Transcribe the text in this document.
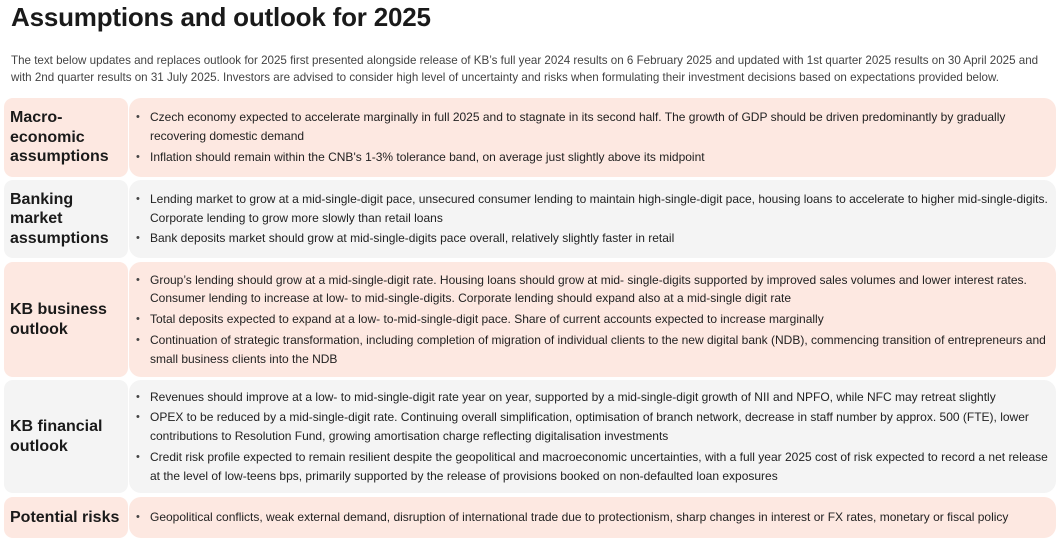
Assumptions and outlook for 2025
The text below updates and replaces outlook for 2025 first presented alongside release of KB’s full year 2024 results on 6 February 2025 and updated with 1st quarter 2025 results on 30 April 2025 and with 2nd quarter results on 31 July 2025. Investors are advised to consider high level of uncertainty and risks when formulating their investment decisions based on expectations provided below.
Macro-
economic
assumptions
• Czech economy expected to accelerate marginally in full 2025 and to stagnate in its second half. The growth of GDP should be driven predominantly by gradually recovering domestic demand
• Inflation should remain within the CNB's 1-3% tolerance band, on average just slightly above its midpoint
Banking
market
assumptions
• Lending market to grow at a mid-single-digit pace, unsecured consumer lending to maintain high-single-digit pace, housing loans to accelerate to higher mid-single-digits. Corporate lending to grow more slowly than retail loans
• Bank deposits market should grow at mid-single-digits pace overall, relatively slightly faster in retail
KB business
outlook
• Group’s lending should grow at a mid-single-digit rate. Housing loans should grow at mid- single-digits supported by improved sales volumes and lower interest rates. Consumer lending to increase at low- to mid-single-digits. Corporate lending should expand also at a mid-single digit rate
• Total deposits expected to expand at a low- to-mid-single-digit pace. Share of current accounts expected to increase marginally
• Continuation of strategic transformation, including completion of migration of individual clients to the new digital bank (NDB), commencing transition of entrepreneurs and small business clients into the NDB
KB financial
outlook
• Revenues should improve at a low- to mid-single-digit rate year on year, supported by a mid-single-digit growth of NII and NPFO, while NFC may retreat slightly
• OPEX to be reduced by a mid-single-digit rate. Continuing overall simplification, optimisation of branch network, decrease in staff number by approx. 500 (FTE), lower contributions to Resolution Fund, growing amortisation charge reflecting digitalisation investments
• Credit risk profile expected to remain resilient despite the geopolitical and macroeconomic uncertainties, with a full year 2025 cost of risk expected to record a net release at the level of low-teens bps, primarily supported by the release of provisions booked on non-defaulted loan exposures
Potential risks • Geopolitical conflicts, weak external demand, disruption of international trade due to protectionism, sharp changes in interest or FX rates, monetary or fiscal policy
